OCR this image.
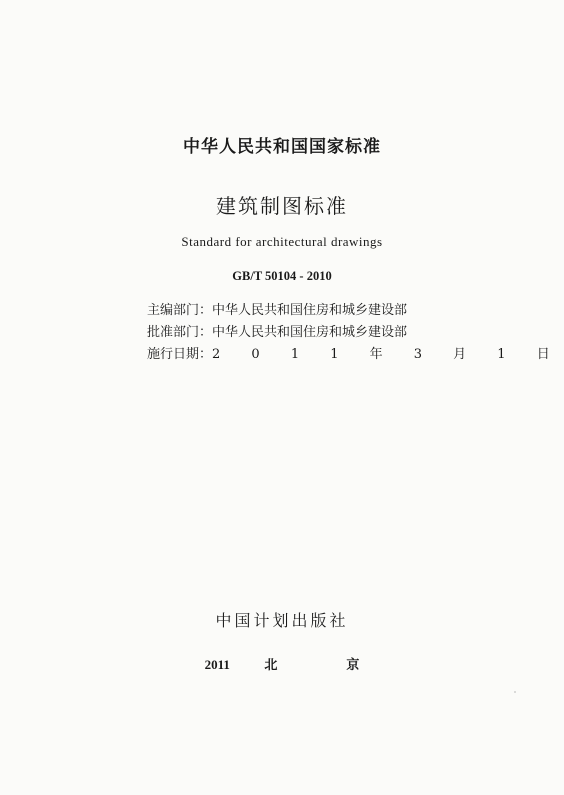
中华人民共和国国家标准
建筑制图标准
Standard for architectural drawings
GB/T 50104 - 2010
主编部门：中华人民共和国住房和城乡建设部
批准部门：中华人民共和国住房和城乡建设部
施行日期：2 0 1 1 年 3 月 1 日
中国计划出版社
2011  北    京
